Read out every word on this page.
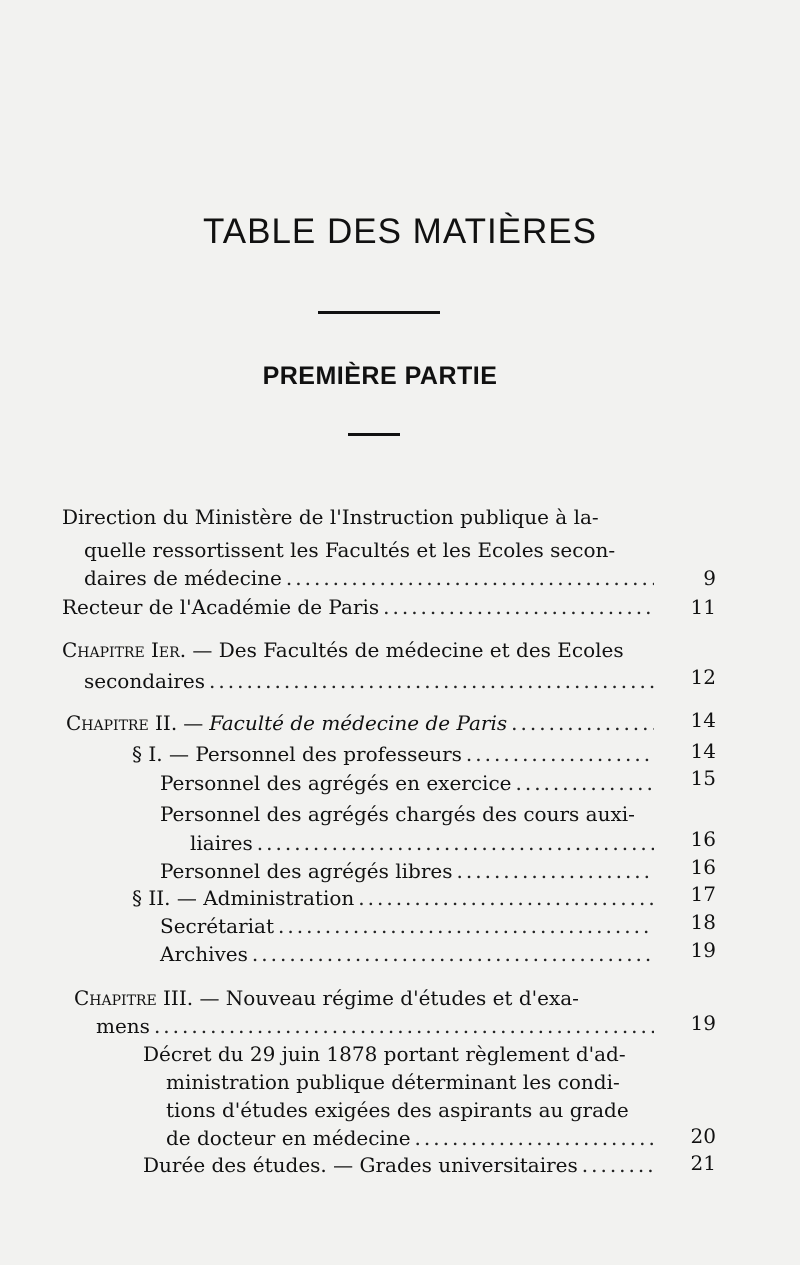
TABLE DES MATIÈRES
PREMIÈRE PARTIE
Direction du Ministère de l'Instruction publique à la-
quelle ressortissent les Facultés et les Ecoles secon-
daires de médecine .....	9
Recteur de l'Académie de Paris .....	11
Chapitre Ier. — Des Facultés de médecine et des Ecoles
secondaires .....	12
Chapitre II. — Faculté de médecine de Paris .....	14
§ I. — Personnel des professeurs .....	14
Personnel des agrégés en exercice .....	15
Personnel des agrégés chargés des cours auxi-
liaires .....	16
Personnel des agrégés libres .....	16
§ II. — Administration .....	17
Secrétariat .....	18
Archives .....	19
Chapitre III. — Nouveau régime d'études et d'exa-
mens .....	19
Décret du 29 juin 1878 portant règlement d'ad-
ministration publique déterminant les condi-
tions d'études exigées des aspirants au grade
de docteur en médecine .....	20
Durée des études. — Grades universitaires .....	21
